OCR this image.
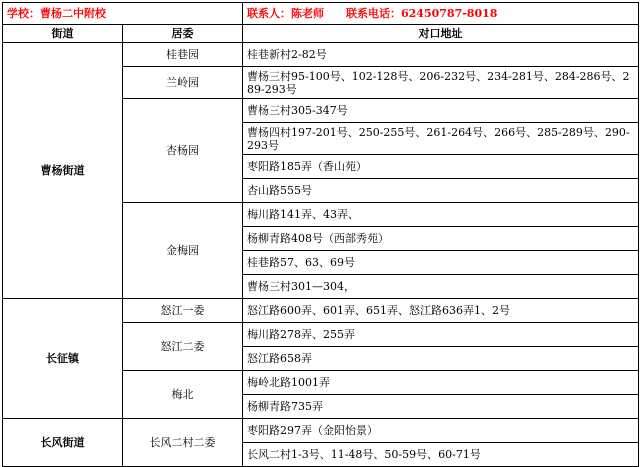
学校：曹杨二中附校		联系人：陈老师 联系电话：62450787-8018
街道	居委	对口地址
曹杨街道	桂巷园	桂巷新村2-82号
	兰岭园	曹杨三村95-100号、102-128号、206-232号、234-281号、284-286号、289-293号
	杏杨园	曹杨三村305-347号
		曹杨四村197-201号、250-255号、261-264号、266号、285-289号、290-293号
		枣阳路185弄（香山苑）
		杏山路555号
	金梅园	梅川路141弄、43弄、
		杨柳青路408号（西部秀苑）
		桂巷路57、63、69号
		曹杨三村301—304，
长征镇	怒江一委	怒江路600弄、601弄、651弄、怒江路636弄1、2号
	怒江二委	梅川路278弄、255弄
		怒江路658弄
	梅北	梅岭北路1001弄
		杨柳青路735弄
长风街道	长风二村二委	枣阳路297弄（金阳怡景）
		长风二村1-3号、11-48号、50-59号、60-71号
